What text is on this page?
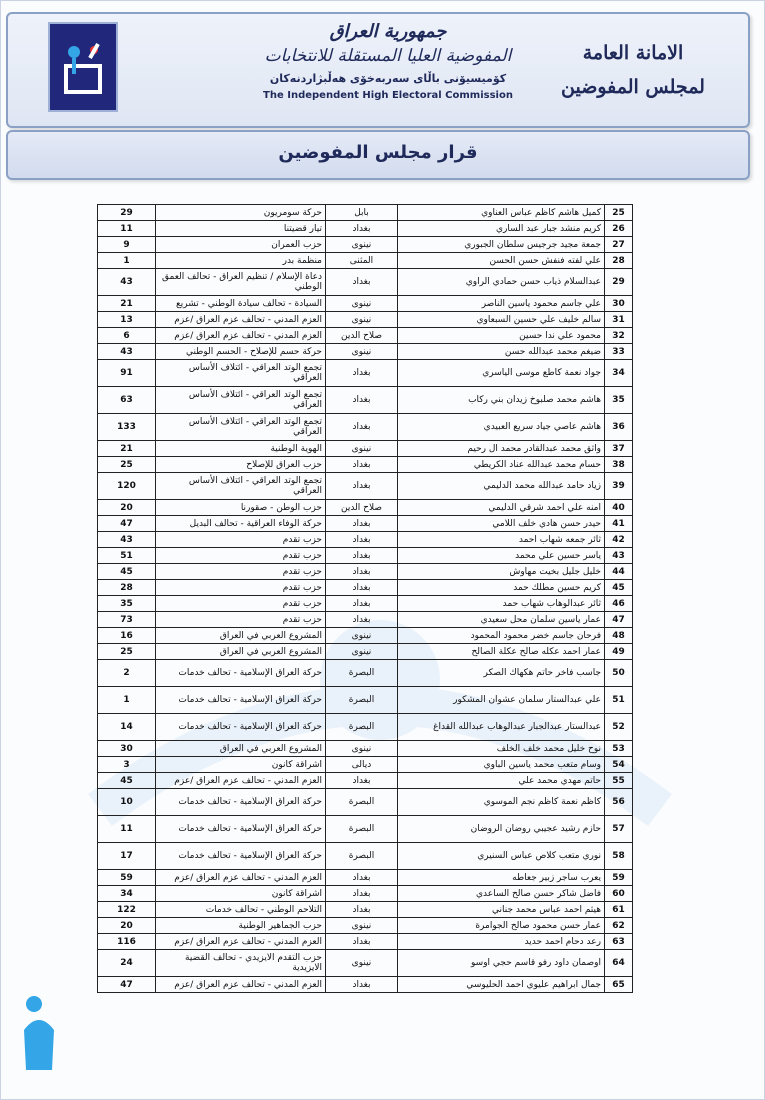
الامانة العامة
لمجلس المفوضين
جمهورية العراق
المفوضية العليا المستقلة للانتخابات
كۆمیسیۆنی باڵای سەربەخۆی هەڵبژاردنەکان
The Independent High Electoral Commission
قرار مجلس المفوضين
25	كميل هاشم كاظم عباس العناوي	بابل	حركة سومريون	29
26	كريم منشد جبار عبد الساري	بغداد	تيار قضيتنا	11
27	جمعة مجيد جرجيس سلطان الجبوري	نينوى	حزب العمران	9
28	علي لفته فنفش حسن الحسن	المثنى	منظمة بدر	1
29	عبدالسلام ذياب حسن حمادي الراوي	بغداد	دعاة الإسلام / تنظيم العراق - تحالف العمق الوطني	43
30	علي جاسم محمود ياسين الناصر	نينوى	السيادة - تحالف سيادة الوطني - تشريع	21
31	سالم خليف علي حسين السبعاوي	نينوى	العزم المدني - تحالف عزم العراق /عزم	13
32	محمود علي ندا حسين	صلاح الدين	العزم المدني - تحالف عزم العراق /عزم	6
33	ضيغم محمد عبدالله حسن	نينوى	حركة حسم للإصلاح - الحسم الوطني	43
34	جواد نعمة كاطع موسى الياسري	بغداد	تجمع الوتد العراقي - ائتلاف الأساس العراقي	91
35	هاشم محمد صلبوخ زيدان بني ركاب	بغداد	تجمع الوتد العراقي - ائتلاف الأساس العراقي	63
36	هاشم عاصي جياد سريع العبيدي	بغداد	تجمع الوتد العراقي - ائتلاف الأساس العراقي	133
37	واثق محمد عبدالقادر محمد ال رحيم	نينوى	الهوية الوطنية	21
38	حسام محمد عبدالله عناد الكريطي	بغداد	حزب العراق للإصلاح	25
39	زياد حامد عبدالله محمد الدليمي	بغداد	تجمع الوتد العراقي - ائتلاف الأساس العراقي	120
40	امنه علي احمد شرقي الدليمي	صلاح الدين	حزب الوطن - صقورنا	20
41	حيدر حسن هادي خلف اللامي	بغداد	حركة الوفاء العراقية - تحالف البديل	47
42	ثائر جمعه شهاب احمد	بغداد	حزب تقدم	43
43	ياسر حسين علي محمد	بغداد	حزب تقدم	51
44	خليل جليل بخيت مهاوش	بغداد	حزب تقدم	45
45	كريم حسين مطلك حمد	بغداد	حزب تقدم	28
46	ثائر عبدالوهاب شهاب حمد	بغداد	حزب تقدم	35
47	عمار ياسين سلمان محل سعيدي	بغداد	حزب تقدم	73
48	فرحان جاسم خضر محمود المحمود	نينوى	المشروع العربي في العراق	16
49	عمار احمد عكله صالح عكلة الصالح	نينوى	المشروع العربي في العراق	25
50	جاسب فاخر حاتم هكهاك الصكر	البصرة	حركة العراق الإسلامية - تحالف خدمات	2
51	علي عبدالستار سلمان عشوان المشكور	البصرة	حركة العراق الإسلامية - تحالف خدمات	1
52	عبدالستار عبدالجبار عبدالوهاب عبدالله القداغ	البصرة	حركة العراق الإسلامية - تحالف خدمات	14
53	نوح خليل محمد خلف الخلف	نينوى	المشروع العربي في العراق	30
54	وسام متعب محمد ياسين الباوي	ديالى	اشراقة كانون	3
55	حاتم مهدي محمد علي	بغداد	العزم المدني - تحالف عزم العراق /عزم	45
56	كاظم نعمة كاظم نجم الموسوي	البصرة	حركة العراق الإسلامية - تحالف خدمات	10
57	حازم رشيد عجيبي روضان الروضان	البصرة	حركة العراق الإسلامية - تحالف خدمات	11
58	نوري متعب كلاص عباس السنيري	البصرة	حركة العراق الإسلامية - تحالف خدمات	17
59	يعرب ساجر زبير جعاطه	بغداد	العزم المدني - تحالف عزم العراق /عزم	59
60	فاضل شاكر حسن صالح الساعدي	بغداد	اشراقة كانون	34
61	هيثم احمد عباس محمد جناني	بغداد	التلاحم الوطني - تحالف خدمات	122
62	عمار حسن محمود صالح الجوامرة	نينوى	حزب الجماهير الوطنية	20
63	رعد دحام احمد حديد	بغداد	العزم المدني - تحالف عزم العراق /عزم	116
64	اوصمان داود رفو قاسم حجي اوسو	نينوى	حزب التقدم الايزيدي - تحالف القضية الايزيدية	24
65	جمال ابراهيم عليوي احمد الحليوسي	بغداد	العزم المدني - تحالف عزم العراق /عزم	47
